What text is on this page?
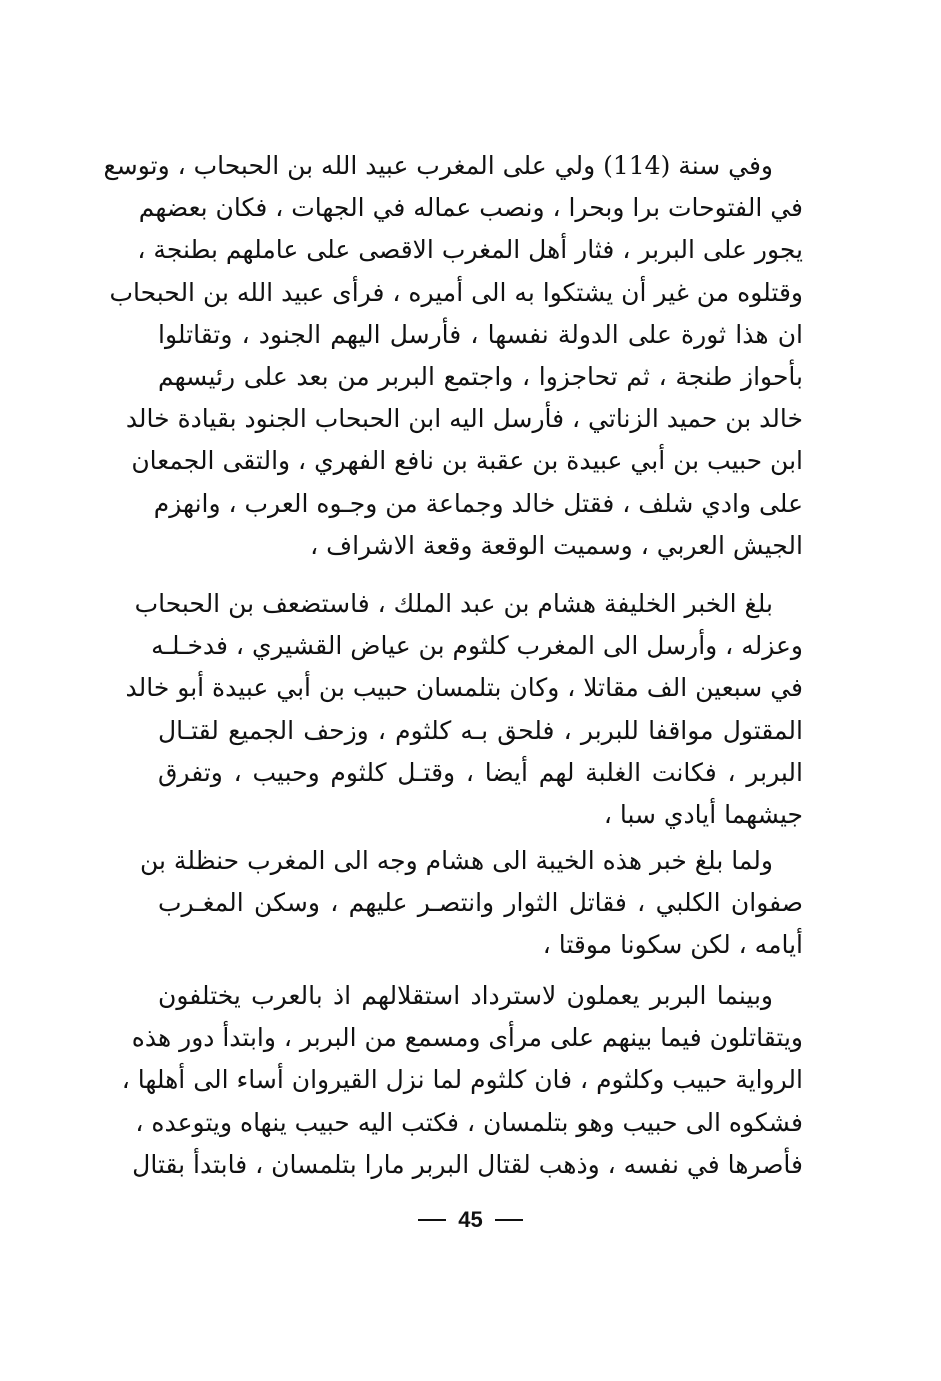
وفي سنة (114) ولي على المغرب عبيد الله بن الحبحاب ، وتوسع
في الفتوحات برا وبحرا ، ونصب عماله في الجهات ، فكان بعضهم
يجور على البربر ، فثار أهل المغرب الاقصى على عاملهم بطنجة ،
وقتلوه من غير أن يشتكوا به الى أميره ، فرأى عبيد الله بن الحبحاب
ان هذا ثورة على الدولة نفسها ، فأرسل اليهم الجنود ، وتقاتلوا
بأحواز طنجة ، ثم تحاجزوا ، واجتمع البربر من بعد على رئيسهم
خالد بن حميد الزناتي ، فأرسل اليه ابن الحبحاب الجنود بقيادة خالد
ابن حبيب بن أبي عبيدة بن عقبة بن نافع الفهري ، والتقى الجمعان
على وادي شلف ، فقتل خالد وجماعة من وجـوه العرب ، وانهزم
الجيش العربي ، وسميت الوقعة وقعة الاشراف ،
بلغ الخبر الخليفة هشام بن عبد الملك ، فاستضعف بن الحبحاب
وعزله ، وأرسل الى المغرب كلثوم بن عياض القشيري ، فدخـلـه
في سبعين الف مقاتلا ، وكان بتلمسان حبيب بن أبي عبيدة أبو خالد
المقتول مواقفا للبربر ، فلحق بـه كلثوم ، وزحف الجميع لقتـال
البربر ، فكانت الغلبة لهم أيضا ، وقتـل كلثوم وحبيب ، وتفرق
جيشهما أيادي سبا ،
ولما بلغ خبر هذه الخيبة الى هشام وجه الى المغرب حنظلة بن
صفوان الكلبي ، فقاتل الثوار وانتصـر عليهم ، وسكن المغـرب
أيامه ، لكن سكونا موقتا ،
وبينما البربر يعملون لاسترداد استقلالهم اذ بالعرب يختلفون
ويتقاتلون فيما بينهم على مرأى ومسمع من البربر ، وابتدأ دور هذه
الرواية حبيب وكلثوم ، فان كلثوم لما نزل القيروان أساء الى أهلها ،
فشكوه الى حبيب وهو بتلمسان ، فكتب اليه حبيب ينهاه ويتوعده ،
فأصرها في نفسه ، وذهب لقتال البربر مارا بتلمسان ، فابتدأ بقتال
45
